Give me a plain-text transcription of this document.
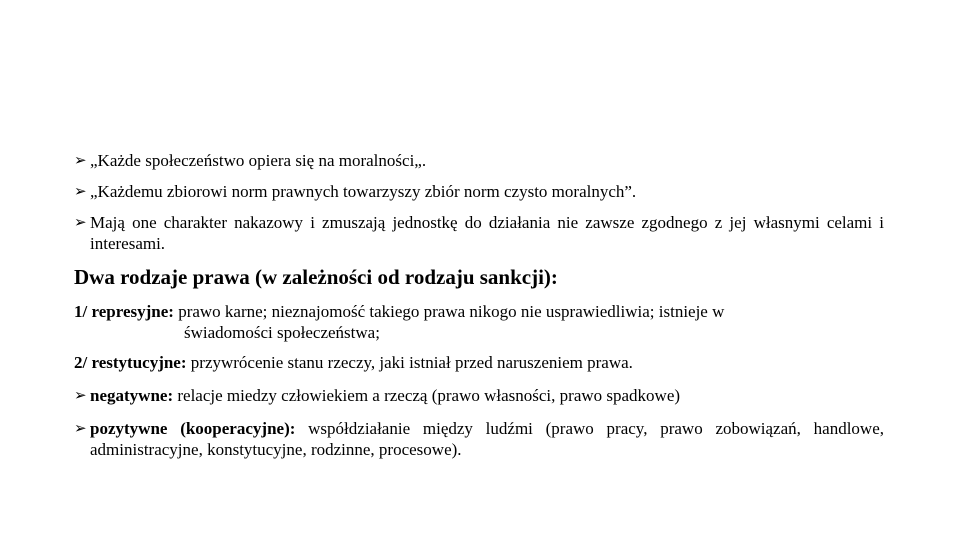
➢ „Każde społeczeństwo opiera się na moralności„.
➢ „Każdemu zbiorowi norm prawnych towarzyszy zbiór norm czysto moralnych”.
➢ Mają one charakter nakazowy i zmuszają jednostkę do działania nie zawsze zgodnego z jej własnymi celami i interesami.
Dwa rodzaje prawa (w zależności od rodzaju sankcji):
1/ represyjne: prawo karne; nieznajomość takiego prawa nikogo nie usprawiedliwia; istnieje w
świadomości społeczeństwa;
2/ restytucyjne: przywrócenie stanu rzeczy, jaki istniał przed naruszeniem prawa.
➢ negatywne: relacje miedzy człowiekiem a rzeczą (prawo własności, prawo spadkowe)
➢ pozytywne (kooperacyjne): współdziałanie między ludźmi (prawo pracy, prawo zobowiązań, handlowe, administracyjne, konstytucyjne, rodzinne, procesowe).
